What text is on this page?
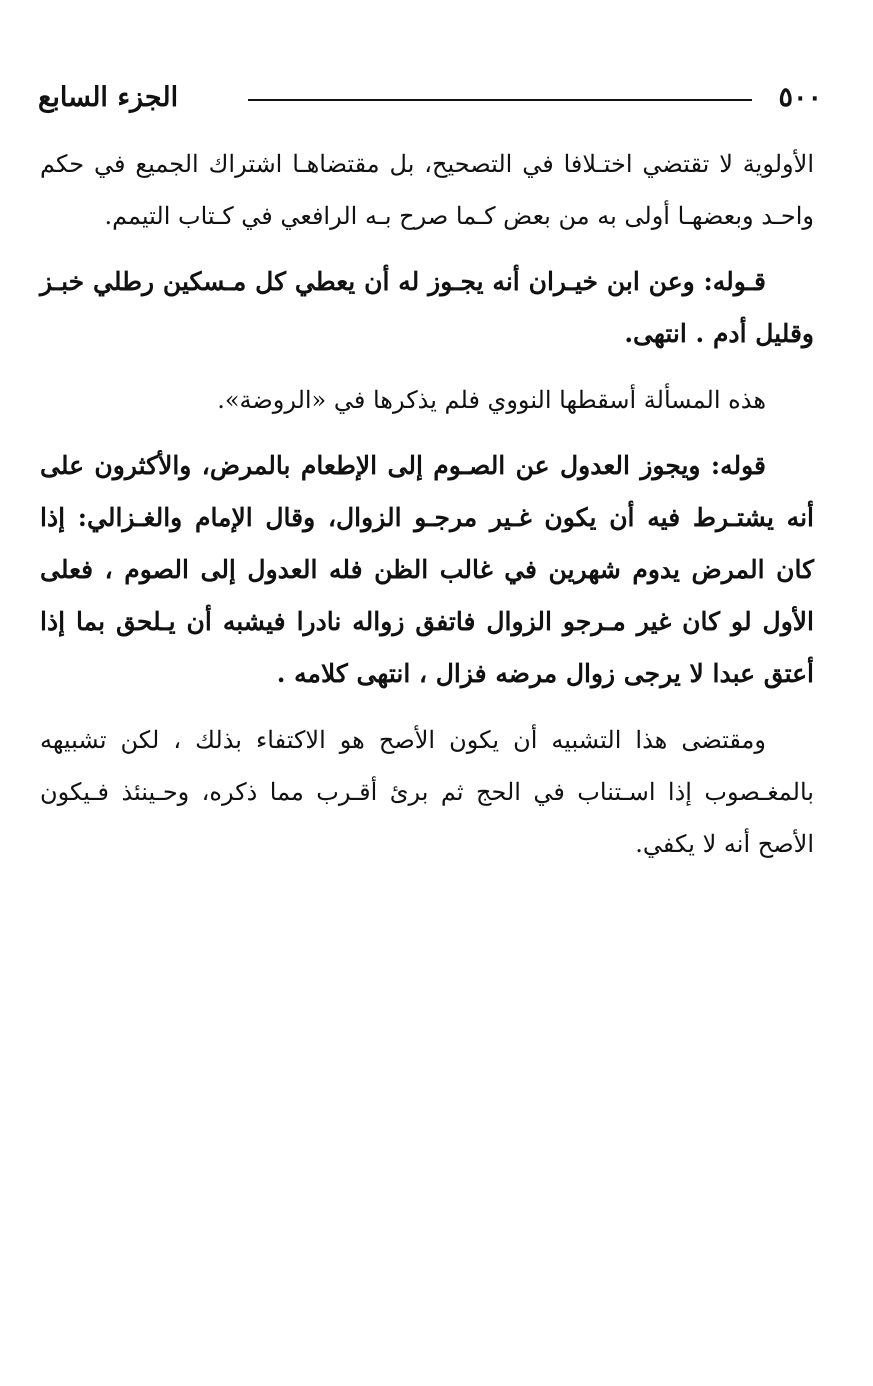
٥٠٠
الجزء السابع

الأولوية لا تقتضي اختـلافا في التصحيح، بل مقتضاهـا اشتراك الجميع في حكم واحـد وبعضهـا أولى به من بعض كـما صرح بـه الرافعي في كـتاب التيمم.

قـوله: وعن ابن خيـران أنه يجـوز له أن يعطي كل مـسكين رطلي خبـز وقليل أدم . انتهى.

هذه المسألة أسقطها النووي فلم يذكرها في «الروضة».

قوله: ويجوز العدول عن الصـوم إلى الإطعام بالمرض، والأكثرون على أنه يشتـرط فيه أن يكون غـير مرجـو الزوال، وقال الإمام والغـزالي: إذا كان المرض يدوم شهرين في غالب الظن فله العدول إلى الصوم ، فعلى الأول لو كان غير مـرجو الزوال فاتفق زواله نادرا فيشبه أن يـلحق بما إذا أعتق عبدا لا يرجى زوال مرضه فزال ، انتهى كلامه .

ومقتضى هذا التشبيه أن يكون الأصح هو الاكتفاء بذلك ، لكن تشبيهه بالمغـصوب إذا اسـتناب في الحج ثم برئ أقـرب مما ذكره، وحـينئذ فـيكون الأصح أنه لا يكفي.
